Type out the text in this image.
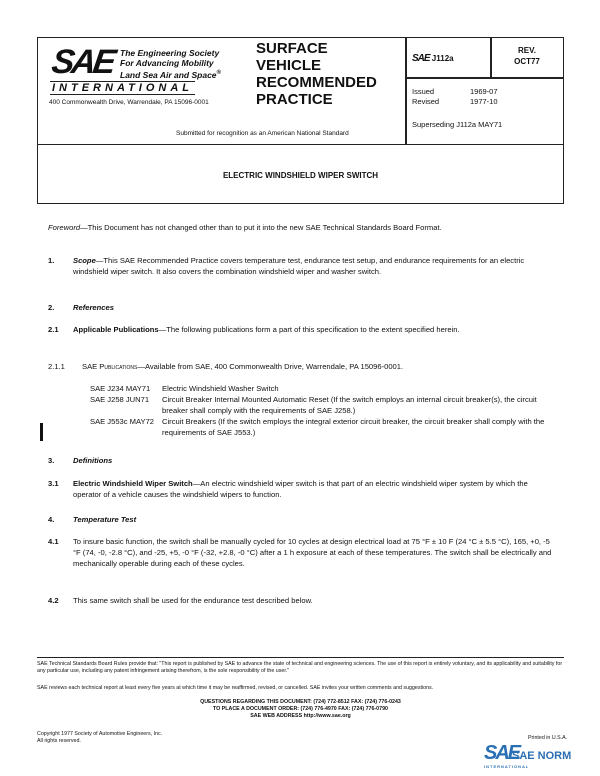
SAE The Engineering Society
For Advancing Mobility
Land Sea Air and Space®
INTERNATIONAL
400 Commonwealth Drive, Warrendale, PA 15096-0001
SURFACE
VEHICLE
RECOMMENDED
PRACTICE
Submitted for recognition as an American National Standard
SAE J112a
REV.
OCT77
Issued	1969-07
Revised	1977-10
Superseding J112a MAY71
ELECTRIC WINDSHIELD WIPER SWITCH
Foreword—This Document has not changed other than to put it into the new SAE Technical Standards Board Format.
1. Scope—This SAE Recommended Practice covers temperature test, endurance test setup, and endurance requirements for an electric windshield wiper switch. It also covers the combination windshield wiper and washer switch.
2. References
2.1 Applicable Publications—The following publications form a part of this specification to the extent specified herein.
2.1.1 SAE Publications—Available from SAE, 400 Commonwealth Drive, Warrendale, PA 15096-0001.
SAE J234 MAY71 Electric Windshield Washer Switch
SAE J258 JUN71 Circuit Breaker Internal Mounted Automatic Reset (If the switch employs an internal circuit breaker(s), the circuit breaker shall comply with the requirements of SAE J258.)
SAE J553c MAY72 Circuit Breakers (If the switch employs the integral exterior circuit breaker, the circuit breaker shall comply with the requirements of SAE J553.)
3. Definitions
3.1 Electric Windshield Wiper Switch—An electric windshield wiper switch is that part of an electric windshield wiper system by which the operator of a vehicle causes the windshield wipers to function.
4. Temperature Test
4.1 To insure basic function, the switch shall be manually cycled for 10 cycles at design electrical load at 75 °F ± 10 F (24 °C ± 5.5 °C), 165, +0, -5 °F (74, -0, -2.8 °C), and -25, +5, -0 °F (-32, +2.8, -0 °C) after a 1 h exposure at each of these temperatures. The switch shall be electrically and mechanically operable during each of these cycles.
4.2 This same switch shall be used for the endurance test described below.
SAE Technical Standards Board Rules provide that: "This report is published by SAE to advance the state of technical and engineering sciences. The use of this report is entirely voluntary, and its applicability and suitability for any particular use, including any patent infringement arising therefrom, is the sole responsibility of the user."
SAE reviews each technical report at least every five years at which time it may be reaffirmed, revised, or cancelled. SAE invites your written comments and suggestions.
QUESTIONS REGARDING THIS DOCUMENT: (724) 772-8512 FAX: (724) 776-0243
TO PLACE A DOCUMENT ORDER: (724) 776-4970 FAX: (724) 776-0790
SAE WEB ADDRESS http://www.sae.org
Copyright 1977 Society of Automotive Engineers, Inc.
All rights reserved.	Printed in U.S.A.
SAE
SAE NORM
INTERNATIONAL
